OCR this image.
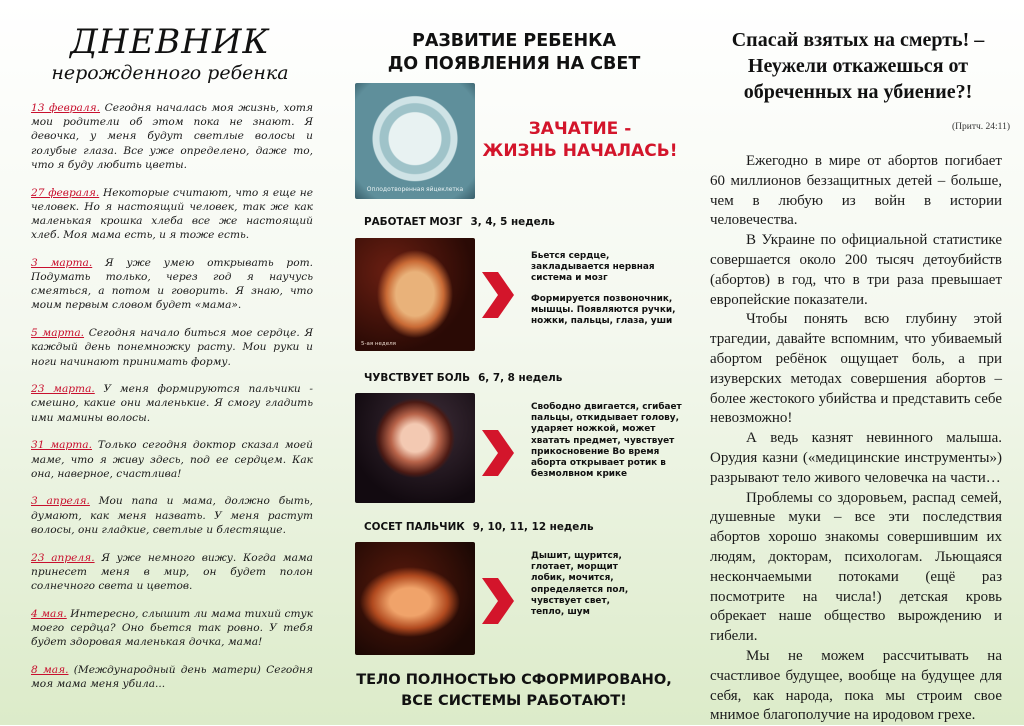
ДНЕВНИК
нерожденного ребенка
13 февраля. Сегодня началась моя жизнь, хотя мои родители об этом пока не знают. Я девочка, у меня будут светлые волосы и голубые глаза. Все уже определено, даже то, что я буду любить цветы.
27 февраля. Некоторые считают, что я еще не человек. Но я настоящий человек, так же как маленькая крошка хлеба все же настоящий хлеб. Моя мама есть, и я тоже есть.
3 марта. Я уже умею открывать рот. Подумать только, через год я научусь смеяться, а потом и говорить. Я знаю, что моим первым словом будет «мама».
5 марта. Сегодня начало биться мое сердце. Я каждый день понемножку расту. Мои руки и ноги начинают принимать форму.
23 марта. У меня формируются пальчики - смешно, какие они маленькие. Я смогу гладить ими мамины волосы.
31 марта. Только сегодня доктор сказал моей маме, что я живу здесь, под ее сердцем. Как она, наверное, счастлива!
3 апреля. Мои папа и мама, должно быть, думают, как меня назвать. У меня растут волосы, они гладкие, светлые и блестящие.
23 апреля. Я уже немного вижу. Когда мама принесет меня в мир, он будет полон солнечного света и цветов.
4 мая. Интересно, слышит ли мама тихий стук моего сердца? Оно бьется так ровно. У тебя будет здоровая маленькая дочка, мама!
8 мая. (Международный день матери) Сегодня моя мама меня убила...
РАЗВИТИЕ РЕБЕНКА
ДО ПОЯВЛЕНИЯ НА СВЕТ
Оплодотворенная яйцеклетка
ЗАЧАТИЕ -
ЖИЗНЬ НАЧАЛАСЬ!
РАБОТАЕТ МОЗГ 3, 4, 5 недель
5-ая неделя

Бьется сердце, закладывается нервная система и мозг

Формируется позвоночник, мышцы. Появляются ручки, ножки, пальцы, глаза, уши

ЧУВСТВУЕТ БОЛЬ 6, 7, 8 недель

Свободно двигается, сгибает пальцы, откидывает голову, ударяет ножкой, может хватать предмет, чувствует прикосновение Во время аборта открывает ротик в безмолвном крике

СОСЕТ ПАЛЬЧИК 9, 10, 11, 12 недель

Дышит, щурится, глотает, морщит лобик, мочится, определяется пол, чувствует свет, тепло, шум

ТЕЛО ПОЛНОСТЬЮ СФОРМИРОВАНО,
ВСЕ СИСТЕМЫ РАБОТАЮТ!
Спасай взятых на смерть! –
Неужели откажешься от
обреченных на убиение?!
(Притч. 24:11)

Ежегодно в мире от абортов погибает 60 миллионов беззащитных детей – больше, чем в любую из войн в истории человечества.

В Украине по официальной статистике совершается около 200 тысяч детоубийств (абортов) в год, что в три раза превышает европейские показатели.

Чтобы понять всю глубину этой трагедии, давайте вспомним, что убиваемый абортом ребёнок ощущает боль, а при изуверских методах совершения абортов – более жестокого убийства и представить себе невозможно!

А ведь казнят невинного малыша. Орудия казни («медицинские инструменты») разрывают тело живого человечка на части…

Проблемы со здоровьем, распад семей, душевные муки – все эти последствия абортов хорошо знакомы совершившим их людям, докторам, психологам. Льющаяся нескончаемыми потоками (ещё раз посмотрите на числа!) детская кровь обрекает наше общество вырождению и гибели.

Мы не можем рассчитывать на счастливое будущее, вообще на будущее для себя, как народа, пока мы строим свое мнимое благополучие на иродовом грехе.
